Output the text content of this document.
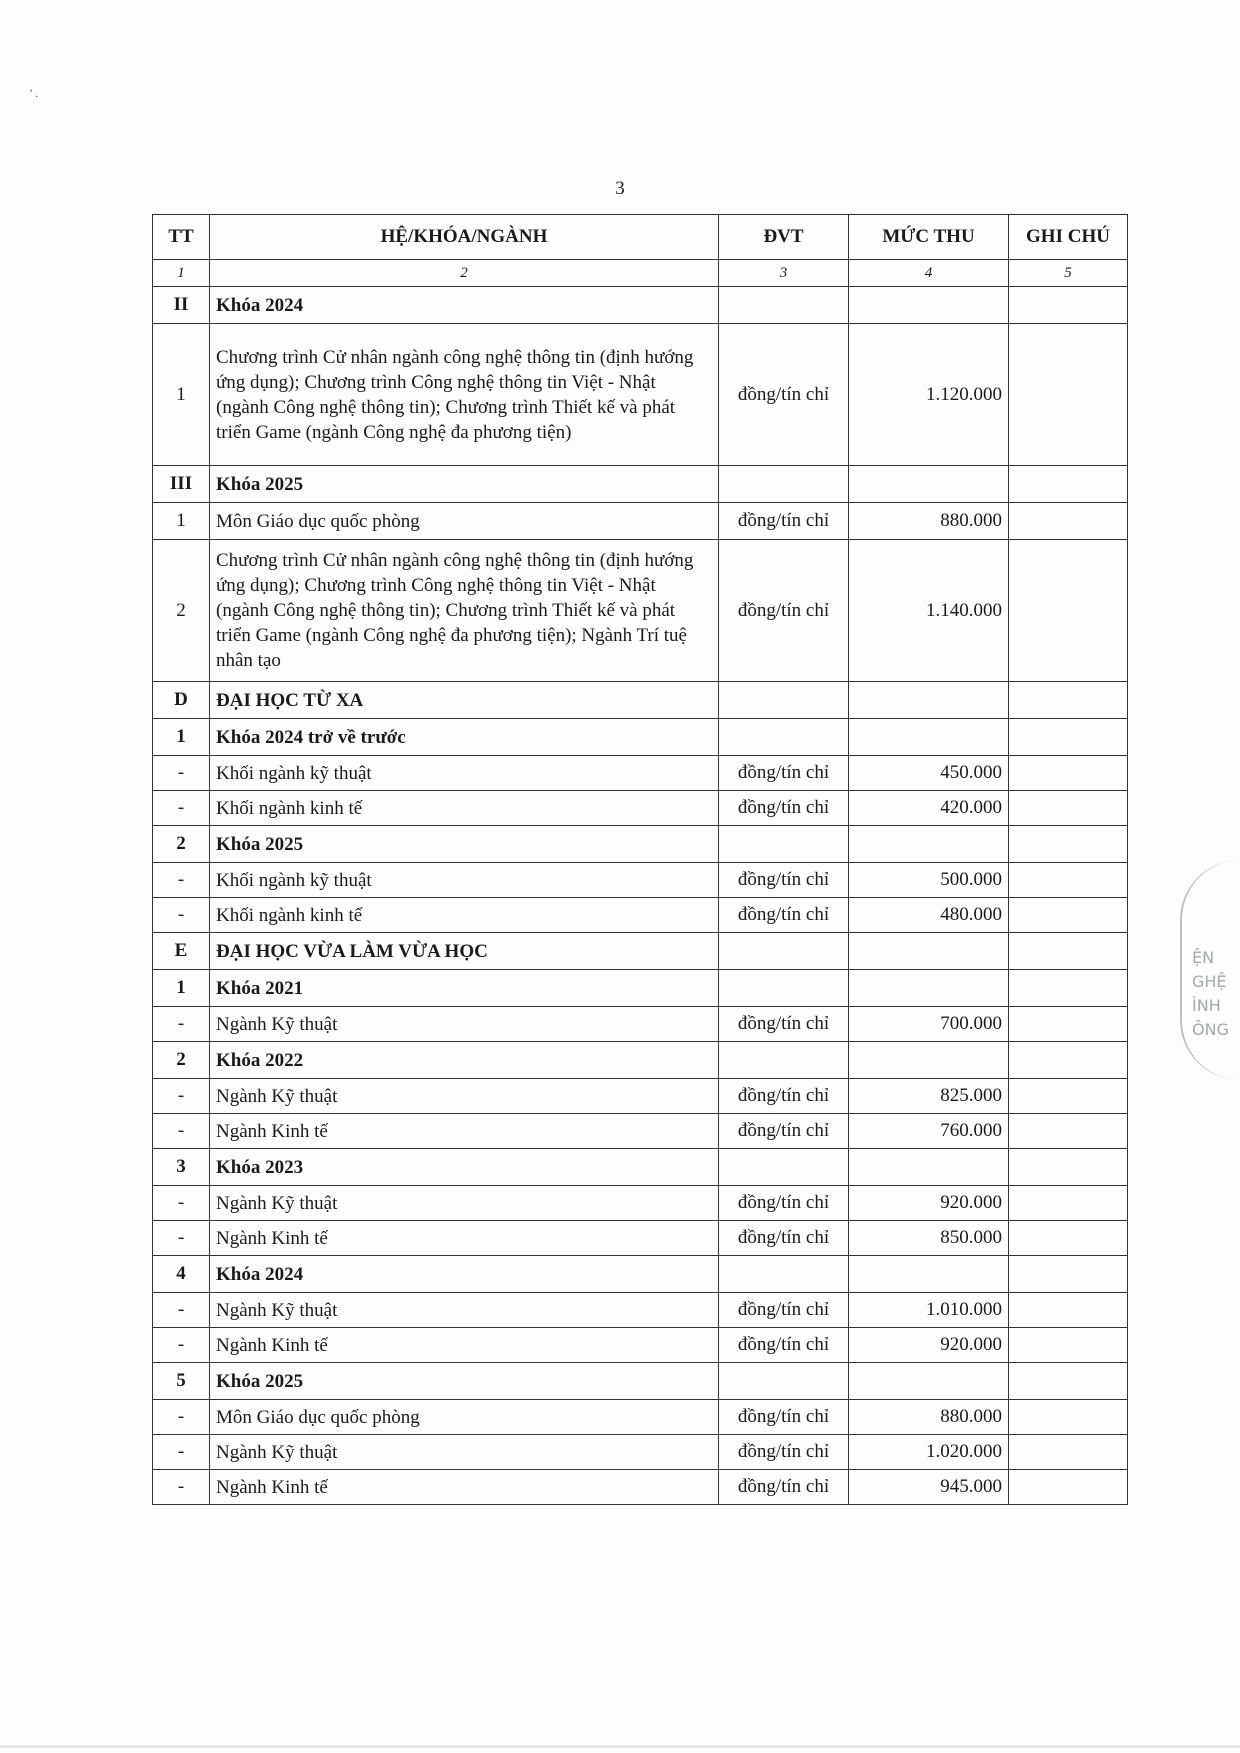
' .
3
TT	HỆ/KHÓA/NGÀNH	ĐVT	MỨC THU	GHI CHÚ
1	2	3	4	5
II	Khóa 2024			
1	Chương trình Cử nhân ngành công nghệ thông tin (định hướng ứng dụng); Chương trình Công nghệ thông tin Việt - Nhật (ngành Công nghệ thông tin); Chương trình Thiết kế và phát triển Game (ngành Công nghệ đa phương tiện)	đồng/tín chỉ	1.120.000	
III	Khóa 2025			
1	Môn Giáo dục quốc phòng	đồng/tín chỉ	880.000	
2	Chương trình Cử nhân ngành công nghệ thông tin (định hướng ứng dụng); Chương trình Công nghệ thông tin Việt - Nhật (ngành Công nghệ thông tin); Chương trình Thiết kế và phát triển Game (ngành Công nghệ đa phương tiện); Ngành Trí tuệ nhân tạo	đồng/tín chỉ	1.140.000	
D	ĐẠI HỌC TỪ XA			
1	Khóa 2024 trở về trước			
-	Khối ngành kỹ thuật	đồng/tín chỉ	450.000	
-	Khối ngành kinh tế	đồng/tín chỉ	420.000	
2	Khóa 2025			
-	Khối ngành kỹ thuật	đồng/tín chỉ	500.000	
-	Khối ngành kinh tế	đồng/tín chỉ	480.000	
E	ĐẠI HỌC VỪA LÀM VỪA HỌC			
1	Khóa 2021			
-	Ngành Kỹ thuật	đồng/tín chỉ	700.000	
2	Khóa 2022			
-	Ngành Kỹ thuật	đồng/tín chỉ	825.000	
-	Ngành Kinh tế	đồng/tín chỉ	760.000	
3	Khóa 2023			
-	Ngành Kỹ thuật	đồng/tín chỉ	920.000	
-	Ngành Kinh tế	đồng/tín chỉ	850.000	
4	Khóa 2024			
-	Ngành Kỹ thuật	đồng/tín chỉ	1.010.000	
-	Ngành Kinh tế	đồng/tín chỉ	920.000	
5	Khóa 2025			
-	Môn Giáo dục quốc phòng	đồng/tín chỉ	880.000	
-	Ngành Kỹ thuật	đồng/tín chỉ	1.020.000	
-	Ngành Kinh tế	đồng/tín chỉ	945.000	
ỆN
GHỆ
ÌNH
ÔNG
